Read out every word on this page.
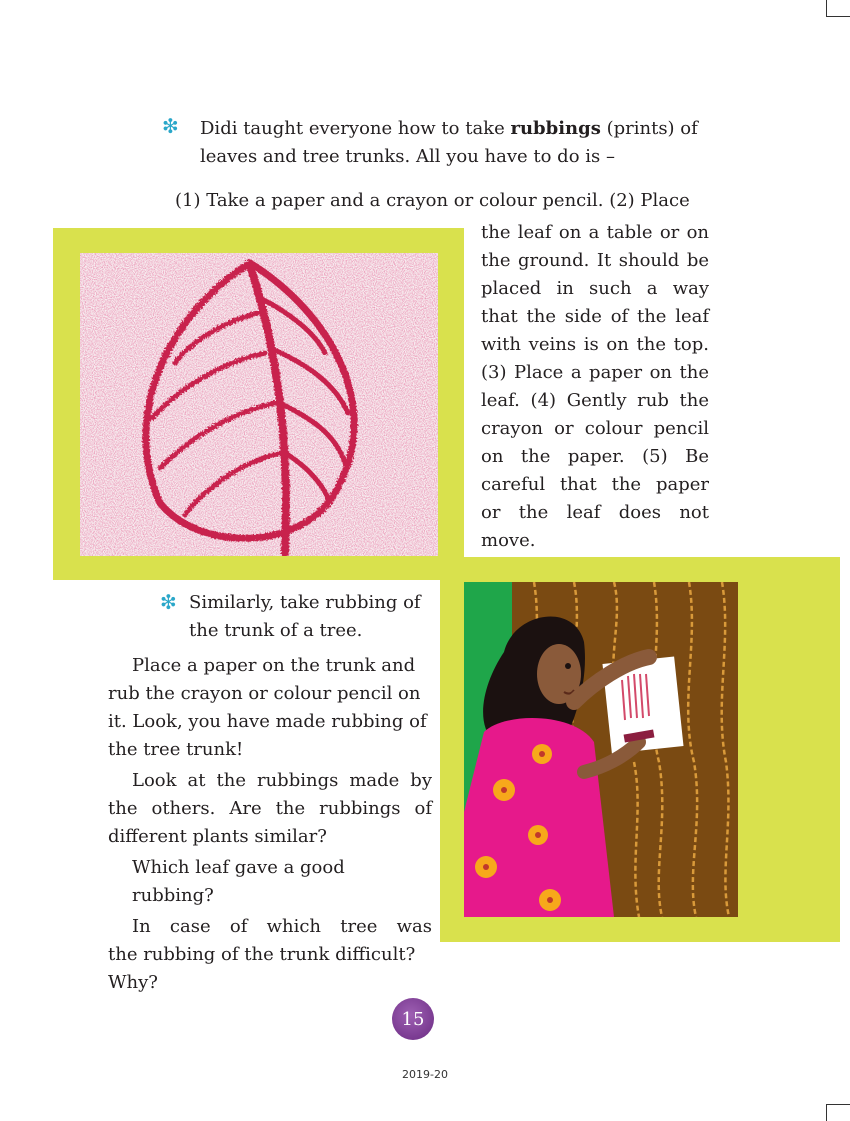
❇ Didi taught everyone how to take rubbings (prints) of
leaves and tree trunks. All you have to do is –
(1) Take a paper and a crayon or colour pencil. (2) Place
the leaf on a table or on
the ground. It should be
placed in such a way
that the side of the leaf
with veins is on the top.
(3) Place a paper on the
leaf. (4) Gently rub the
crayon or colour pencil
on the paper. (5) Be
careful that the paper
or the leaf does not
move.
❇ Similarly, take rubbing of
the trunk of a tree.
Place a paper on the trunk and
rub the crayon or colour pencil on
it. Look, you have made rubbing of
the tree trunk!
Look at the rubbings made by
the others. Are the rubbings of
different plants similar?
Which leaf gave a good rubbing?
In case of which tree was
the rubbing of the trunk difficult?
Why?
15
2019-20
